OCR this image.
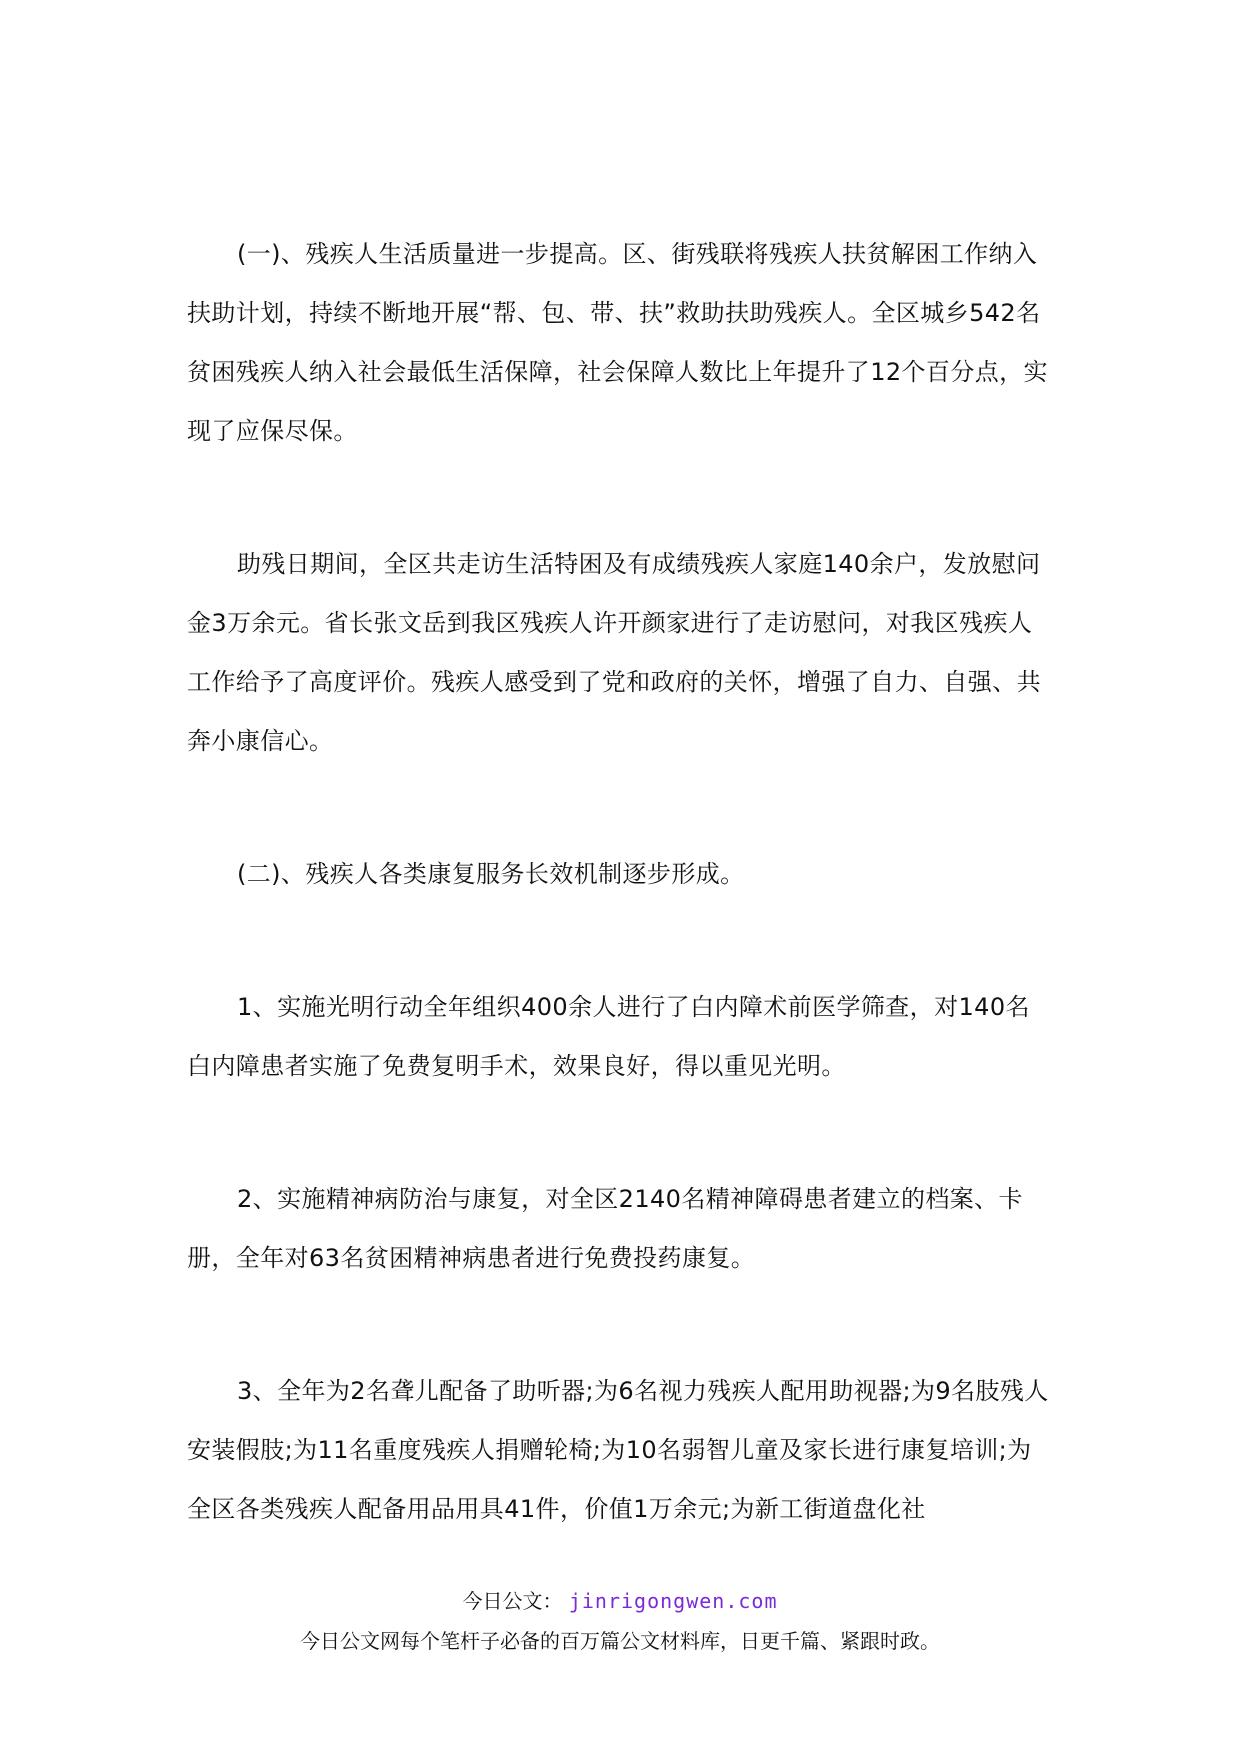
(一)、残疾人生活质量进一步提高。区、街残联将残疾人扶贫解困工作纳入扶助计划，持续不断地开展“帮、包、带、扶”救助扶助残疾人。全区城乡542名贫困残疾人纳入社会最低生活保障，社会保障人数比上年提升了12个百分点，实现了应保尽保。

助残日期间，全区共走访生活特困及有成绩残疾人家庭140余户，发放慰问金3万余元。省长张文岳到我区残疾人许开颜家进行了走访慰问，对我区残疾人工作给予了高度评价。残疾人感受到了党和政府的关怀，增强了自力、自强、共奔小康信心。

(二)、残疾人各类康复服务长效机制逐步形成。

1、实施光明行动全年组织400余人进行了白内障术前医学筛查，对140名白内障患者实施了免费复明手术，效果良好，得以重见光明。

2、实施精神病防治与康复，对全区2140名精神障碍患者建立的档案、卡册，全年对63名贫困精神病患者进行免费投药康复。

3、全年为2名聋儿配备了助听器;为6名视力残疾人配用助视器;为9名肢残人安装假肢;为11名重度残疾人捐赠轮椅;为10名弱智儿童及家长进行康复培训;为全区各类残疾人配备用品用具41件，价值1万余元;为新工街道盘化社

今日公文： jinrigongwen.com
今日公文网每个笔杆子必备的百万篇公文材料库，日更千篇、紧跟时政。
